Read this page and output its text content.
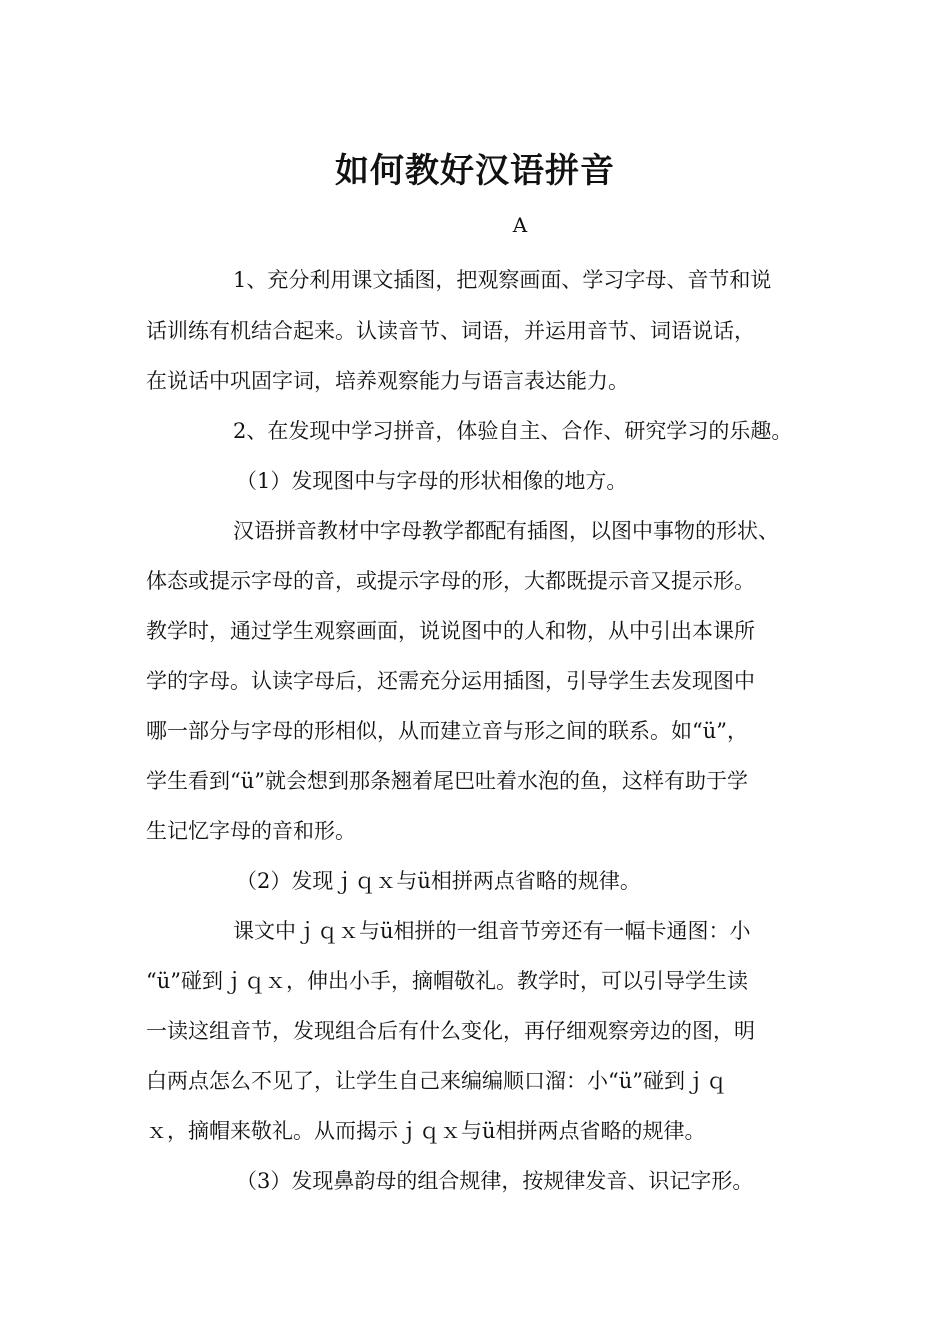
如何教好汉语拼音
A
1、充分利用课文插图，把观察画面、学习字母、音节和说
话训练有机结合起来。认读音节、词语，并运用音节、词语说话，
在说话中巩固字词，培养观察能力与语言表达能力。
2、在发现中学习拼音，体验自主、合作、研究学习的乐趣。
（1）发现图中与字母的形状相像的地方。
汉语拼音教材中字母教学都配有插图，以图中事物的形状、
体态或提示字母的音，或提示字母的形，大都既提示音又提示形。
教学时，通过学生观察画面，说说图中的人和物，从中引出本课所
学的字母。认读字母后，还需充分运用插图，引导学生去发现图中
哪一部分与字母的形相似，从而建立音与形之间的联系。如“ü”，
学生看到“ü”就会想到那条翘着尾巴吐着水泡的鱼，这样有助于学
生记忆字母的音和形。
（2）发现ｊｑｘ与ü相拼两点省略的规律。
课文中ｊｑｘ与ü相拼的一组音节旁还有一幅卡通图：小
“ü”碰到ｊｑｘ，伸出小手，摘帽敬礼。教学时，可以引导学生读
一读这组音节，发现组合后有什么变化，再仔细观察旁边的图，明
白两点怎么不见了，让学生自己来编编顺口溜：小“ü”碰到ｊｑ
ｘ，摘帽来敬礼。从而揭示ｊｑｘ与ü相拼两点省略的规律。
（3）发现鼻韵母的组合规律，按规律发音、识记字形。
